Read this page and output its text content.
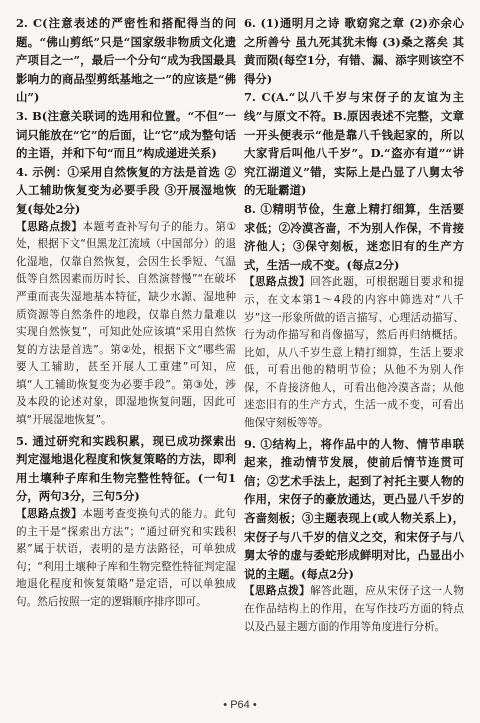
2. C(注意表述的严密性和搭配得当的问题。“佛山剪纸”只是“国家级非物质文化遗产项目之一”，最后一个分句“成为我国最具影响力的商品型剪纸基地之一”的应该是“佛山”)

3. B(注意关联词的选用和位置。“不但”一词只能放在“它”的后面，让“它”成为整句话的主语，并和下句“而且”构成递进关系)

4. 示例：①采用自然恢复的方法是首选 ②人工辅助恢复变为必要手段 ③开展湿地恢复(每处2分)

【思路点拨】本题考查补写句子的能力。第①处，根据下文“但黑龙江流域（中国部分）的退化湿地，仅靠自然恢复，会因生长季短、气温低等自然因素而历时长、自然演替慢”“在破坏严重而丧失湿地基本特征，缺少水源、湿地种质资源等自然条件的地段，仅靠自然力量难以实现自然恢复”，可知此处应该填“采用自然恢复的方法是首选”。第②处，根据下文“哪些需要人工辅助，甚至开展人工重建”可知，应填“人工辅助恢复变为必要手段”。第③处，涉及本段的论述对象，即湿地恢复问题，因此可填“开展湿地恢复”。

5. 通过研究和实践积累，现已成功探索出判定湿地退化程度和恢复策略的方法，即利用土壤种子库和生物完整性特征。(一句1分，两句3分，三句5分)

【思路点拨】本题考查变换句式的能力。此句的主干是“探索出方法”；“通过研究和实践积累”属于状语，表明的是方法路径，可单独成句；“利用土壤种子库和生物完整性特征判定湿地退化程度和恢复策略”是定语，可以单独成句。然后按照一定的逻辑顺序排序即可。

6. (1)通明月之诗 歌窈窕之章 (2)亦余心之所善兮 虽九死其犹未悔 (3)桑之落矣 其黄而陨(每空1分，有错、漏、添字则该空不得分)

7. C(A.“以八千岁与宋伢子的友谊为主线”与原文不符。B.原因表述不完整，文章一开头便表示“他是靠八千钱起家的，所以大家背后叫他八千岁”。D.“盗亦有道”“讲究江湖道义”错，实际上是凸显了八舅太爷的无耻霸道)

8. ①精明节俭，生意上精打细算，生活要求低；②冷漠吝啬，不为别人作保，不肯接济他人；③保守刻板，迷恋旧有的生产方式，生活一成不变。(每点2分)

【思路点拨】回答此题，可根据题目要求和提示，在文本第1～4段的内容中筛选对“八千岁”这一形象所做的语言描写、心理活动描写、行为动作描写和肖像描写，然后再归纳概括。比如，从八千岁生意上精打细算，生活上要求低，可看出他的精明节俭；从他不为别人作保，不肯接济他人，可看出他冷漠吝啬；从他迷恋旧有的生产方式，生活一成不变，可看出他保守刻板等等。

9. ①结构上，将作品中的人物、情节串联起来，推动情节发展，使前后情节连贯可信；②艺术手法上，起到了衬托主要人物的作用，宋伢子的豪放通达，更凸显八千岁的吝啬刻板；③主题表现上(或人物关系上)，宋伢子与八千岁的信义之交，和宋伢子与八舅太爷的虚与委蛇形成鲜明对比，凸显出小说的主题。(每点2分)

【思路点拨】解答此题，应从宋伢子这一人物在作品结构上的作用，在写作技巧方面的特点以及凸显主题方面的作用等角度进行分析。

• P64 •
